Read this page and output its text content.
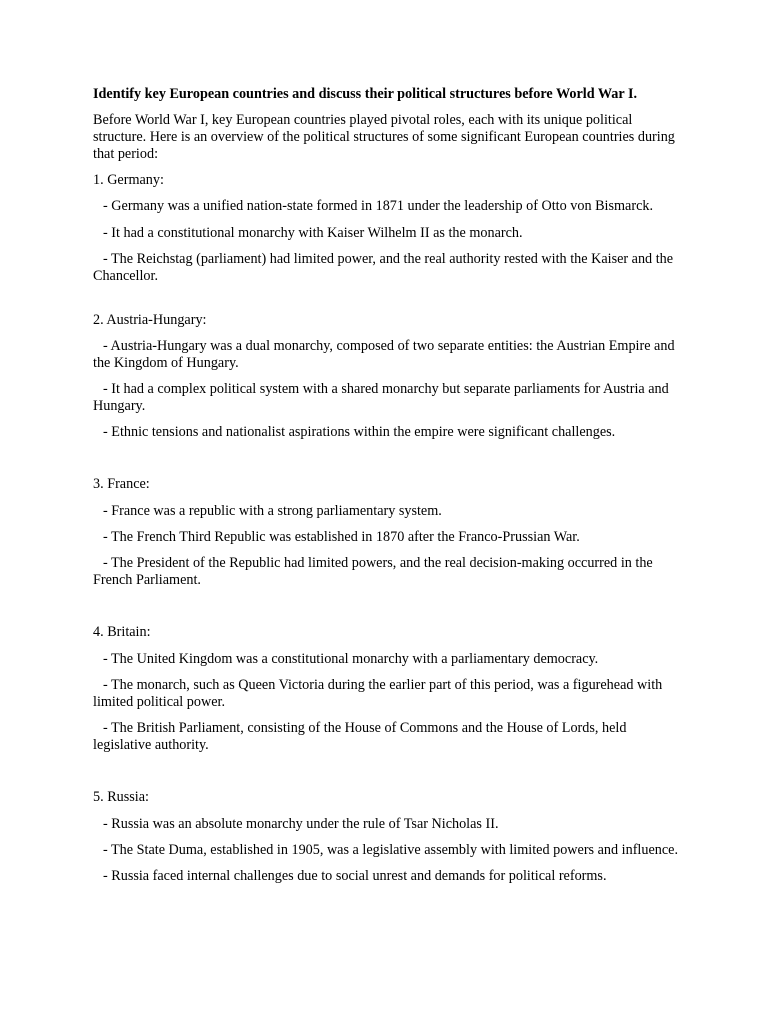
Identify key European countries and discuss their political structures before World War I.

Before World War I, key European countries played pivotal roles, each with its unique political structure. Here is an overview of the political structures of some significant European countries during that period:

1. Germany:

- Germany was a unified nation-state formed in 1871 under the leadership of Otto von Bismarck.

- It had a constitutional monarchy with Kaiser Wilhelm II as the monarch.

- The Reichstag (parliament) had limited power, and the real authority rested with the Kaiser and the Chancellor.

2. Austria-Hungary:

- Austria-Hungary was a dual monarchy, composed of two separate entities: the Austrian Empire and the Kingdom of Hungary.

- It had a complex political system with a shared monarchy but separate parliaments for Austria and Hungary.

- Ethnic tensions and nationalist aspirations within the empire were significant challenges.

3. France:

- France was a republic with a strong parliamentary system.

- The French Third Republic was established in 1870 after the Franco-Prussian War.

- The President of the Republic had limited powers, and the real decision-making occurred in the French Parliament.

4. Britain:

- The United Kingdom was a constitutional monarchy with a parliamentary democracy.

- The monarch, such as Queen Victoria during the earlier part of this period, was a figurehead with limited political power.

- The British Parliament, consisting of the House of Commons and the House of Lords, held legislative authority.

5. Russia:

- Russia was an absolute monarchy under the rule of Tsar Nicholas II.

- The State Duma, established in 1905, was a legislative assembly with limited powers and influence.

- Russia faced internal challenges due to social unrest and demands for political reforms.
